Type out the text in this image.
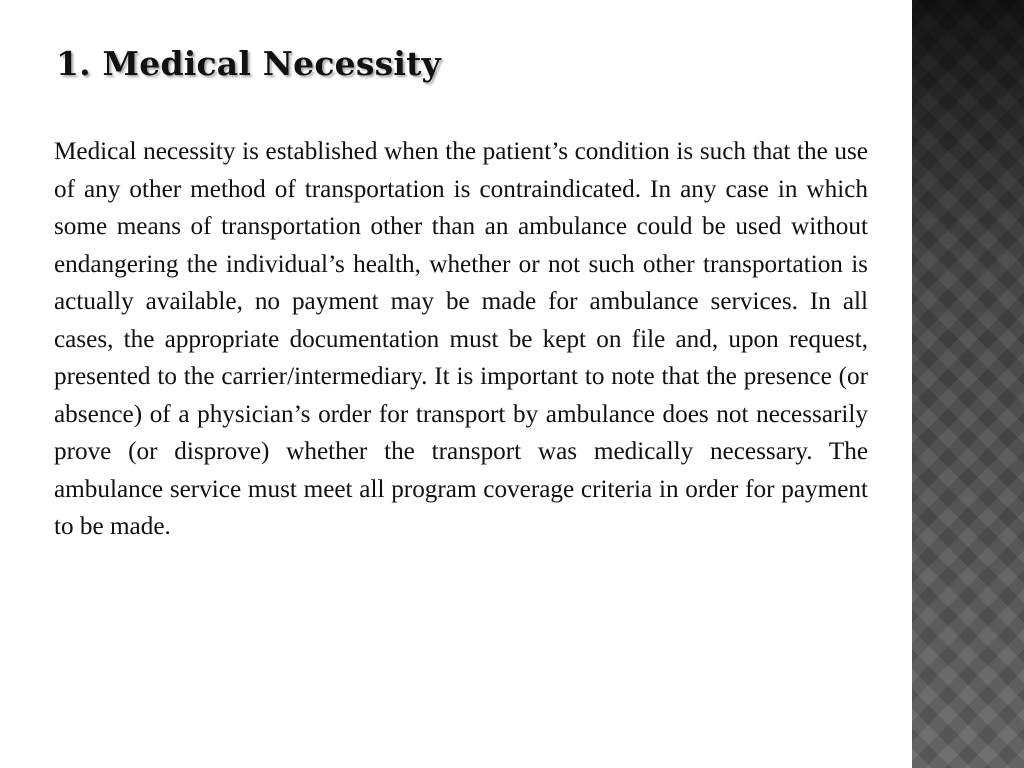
1. Medical Necessity

Medical necessity is established when the patient’s condition is such that the use of any other method of transportation is contraindicated. In any case in which some means of transportation other than an ambulance could be used without endangering the individual’s health, whether or not such other transportation is actually available, no payment may be made for ambulance services. In all cases, the appropriate documentation must be kept on file and, upon request, presented to the carrier/intermediary. It is important to note that the presence (or absence) of a physician’s order for transport by ambulance does not necessarily prove (or disprove) whether the transport was medically necessary. The ambulance service must meet all program coverage criteria in order for payment to be made.
